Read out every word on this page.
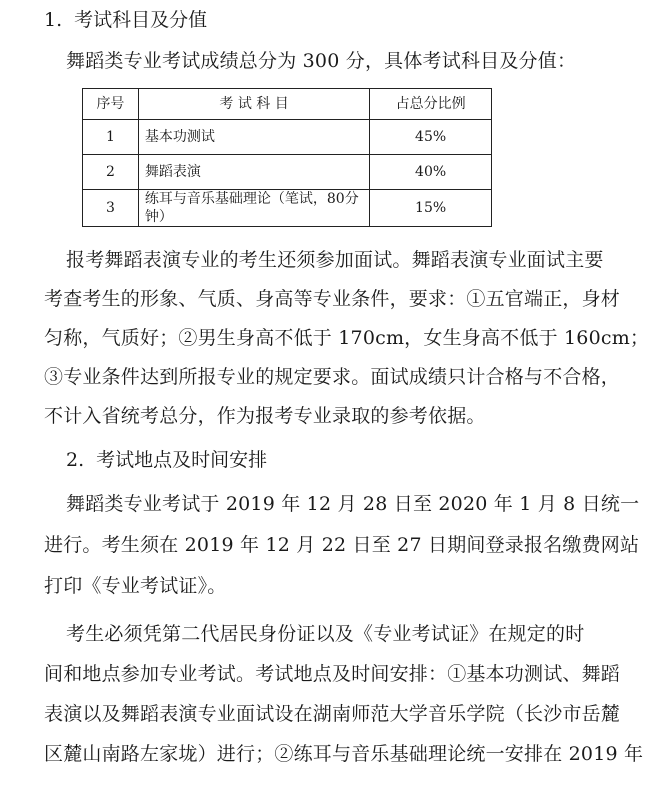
1. 考试科目及分值
舞蹈类专业考试成绩总分为 300 分，具体考试科目及分值：
序号	考 试 科 目	占总分比例
1	基本功测试	45%
2	舞蹈表演	40%
3	练耳与音乐基础理论（笔试，80分钟）	15%
报考舞蹈表演专业的考生还须参加面试。舞蹈表演专业面试主要
考查考生的形象、气质、身高等专业条件，要求：①五官端正，身材
匀称，气质好；②男生身高不低于 170cm，女生身高不低于 160cm；
③专业条件达到所报专业的规定要求。面试成绩只计合格与不合格，
不计入省统考总分，作为报考专业录取的参考依据。
2. 考试地点及时间安排
舞蹈类专业考试于 2019 年 12 月 28 日至 2020 年 1 月 8 日统一
进行。考生须在 2019 年 12 月 22 日至 27 日期间登录报名缴费网站
打印《专业考试证》。
考生必须凭第二代居民身份证以及《专业考试证》在规定的时
间和地点参加专业考试。考试地点及时间安排：①基本功测试、舞蹈
表演以及舞蹈表演专业面试设在湖南师范大学音乐学院（长沙市岳麓
区麓山南路左家垅）进行；②练耳与音乐基础理论统一安排在 2019 年
